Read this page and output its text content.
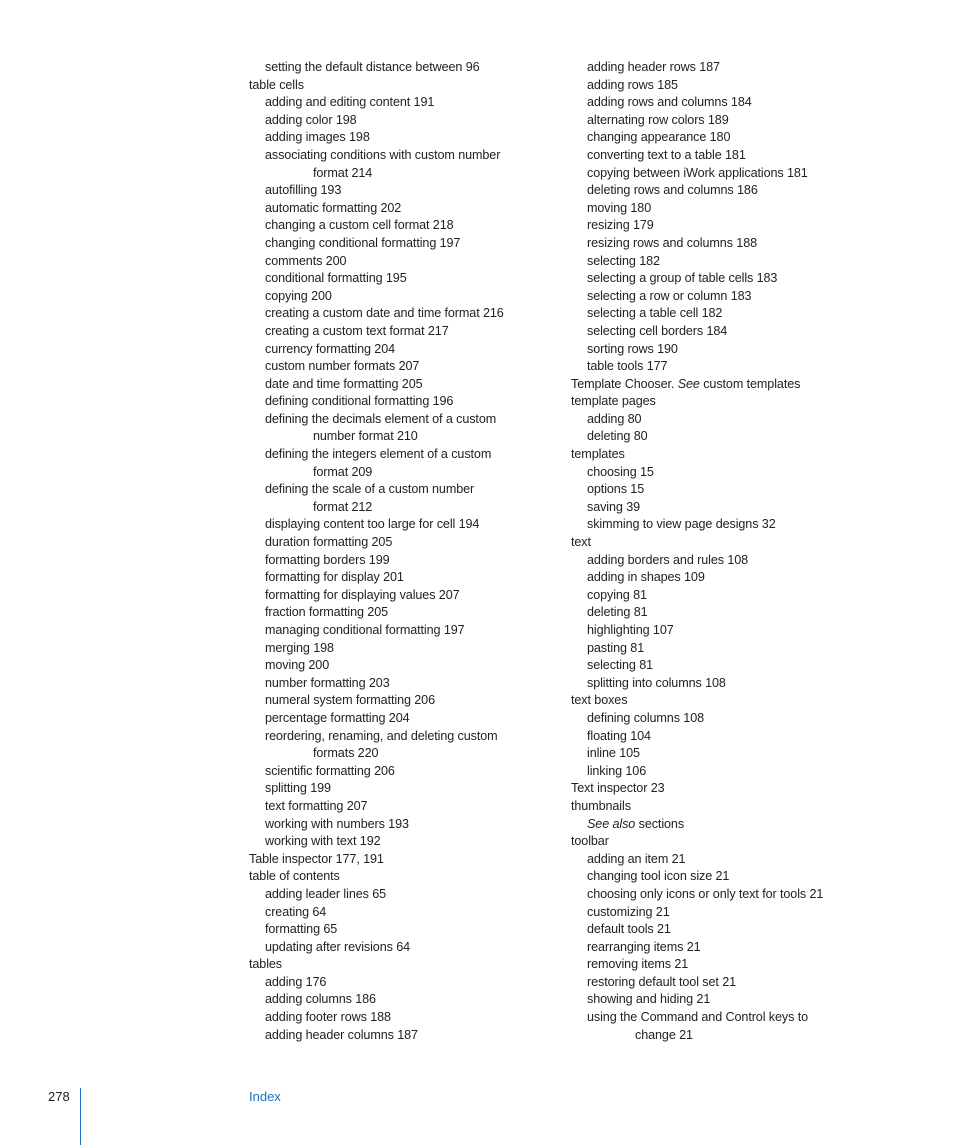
setting the default distance between 96
table cells
adding and editing content 191
adding color 198
adding images 198
associating conditions with custom number
format 214
autofilling 193
automatic formatting 202
changing a custom cell format 218
changing conditional formatting 197
comments 200
conditional formatting 195
copying 200
creating a custom date and time format 216
creating a custom text format 217
currency formatting 204
custom number formats 207
date and time formatting 205
defining conditional formatting 196
defining the decimals element of a custom
number format 210
defining the integers element of a custom
format 209
defining the scale of a custom number
format 212
displaying content too large for cell 194
duration formatting 205
formatting borders 199
formatting for display 201
formatting for displaying values 207
fraction formatting 205
managing conditional formatting 197
merging 198
moving 200
number formatting 203
numeral system formatting 206
percentage formatting 204
reordering, renaming, and deleting custom
formats 220
scientific formatting 206
splitting 199
text formatting 207
working with numbers 193
working with text 192
Table inspector 177, 191
table of contents
adding leader lines 65
creating 64
formatting 65
updating after revisions 64
tables
adding 176
adding columns 186
adding footer rows 188
adding header columns 187
adding header rows 187
adding rows 185
adding rows and columns 184
alternating row colors 189
changing appearance 180
converting text to a table 181
copying between iWork applications 181
deleting rows and columns 186
moving 180
resizing 179
resizing rows and columns 188
selecting 182
selecting a group of table cells 183
selecting a row or column 183
selecting a table cell 182
selecting cell borders 184
sorting rows 190
table tools 177
Template Chooser. See custom templates
template pages
adding 80
deleting 80
templates
choosing 15
options 15
saving 39
skimming to view page designs 32
text
adding borders and rules 108
adding in shapes 109
copying 81
deleting 81
highlighting 107
pasting 81
selecting 81
splitting into columns 108
text boxes
defining columns 108
floating 104
inline 105
linking 106
Text inspector 23
thumbnails
See also sections
toolbar
adding an item 21
changing tool icon size 21
choosing only icons or only text for tools 21
customizing 21
default tools 21
rearranging items 21
removing items 21
restoring default tool set 21
showing and hiding 21
using the Command and Control keys to
change 21
278	Index
